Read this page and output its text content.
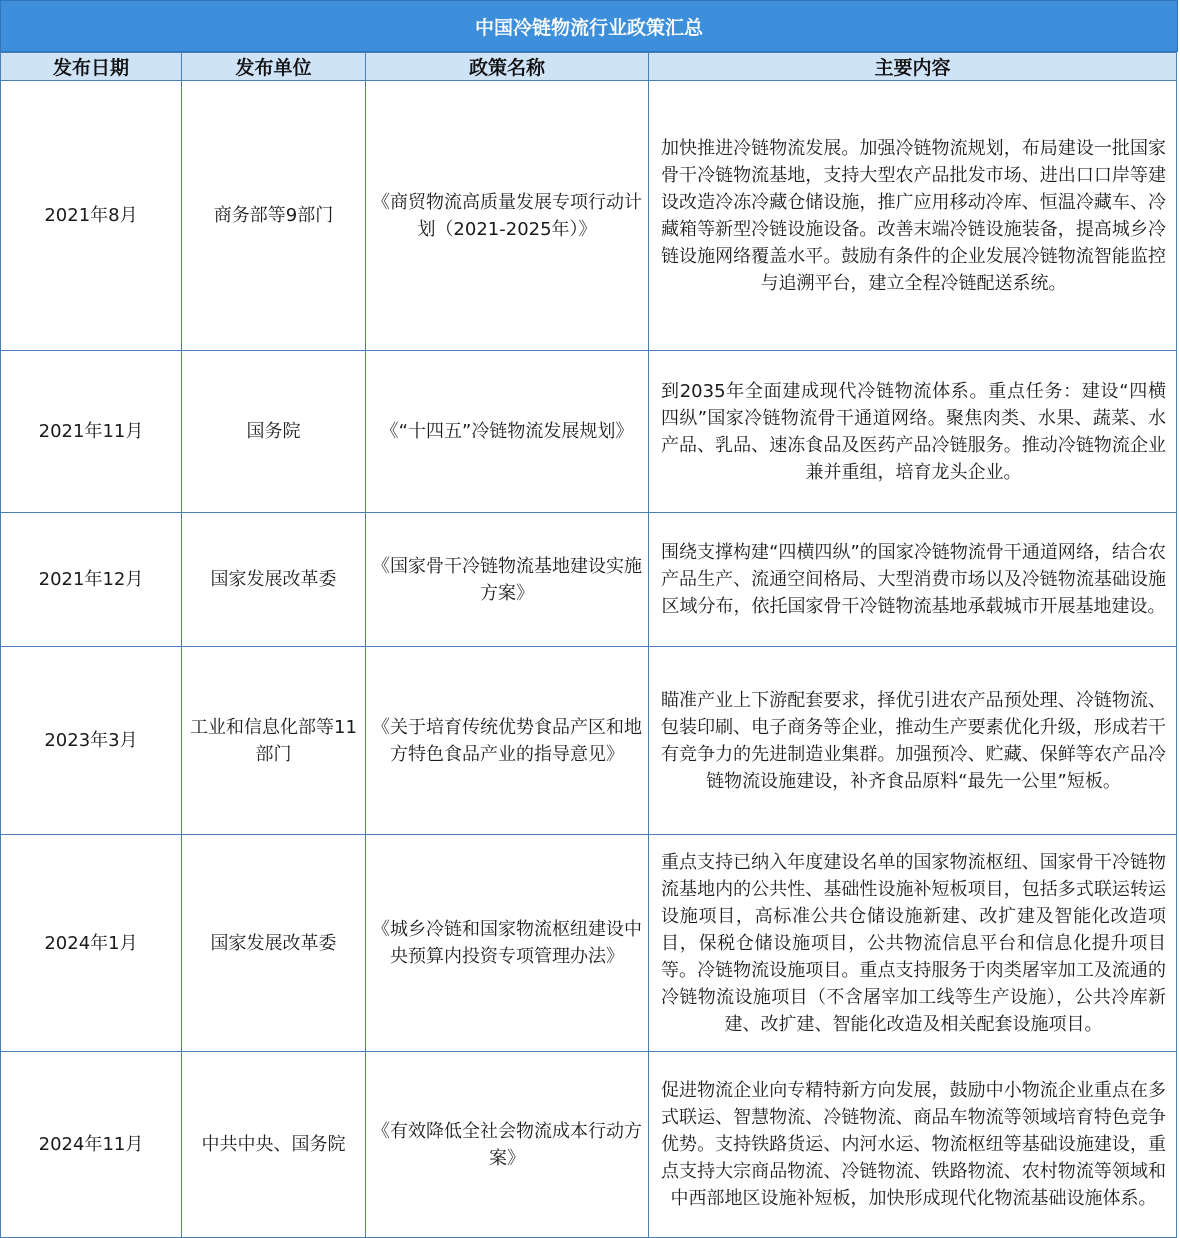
中国冷链物流行业政策汇总
发布日期	发布单位	政策名称	主要内容
2021年8月	商务部等9部门	《商贸物流高质量发展专项行动计划（2021-2025年）》	加快推进冷链物流发展。加强冷链物流规划，布局建设一批国家骨干冷链物流基地，支持大型农产品批发市场、进出口口岸等建设改造冷冻冷藏仓储设施，推广应用移动冷库、恒温冷藏车、冷藏箱等新型冷链设施设备。改善末端冷链设施装备，提高城乡冷链设施网络覆盖水平。鼓励有条件的企业发展冷链物流智能监控与追溯平台，建立全程冷链配送系统。
2021年11月	国务院	《“十四五”冷链物流发展规划》	到2035年全面建成现代冷链物流体系。重点任务：建设“四横四纵”国家冷链物流骨干通道网络。聚焦肉类、水果、蔬菜、水产品、乳品、速冻食品及医药产品冷链服务。推动冷链物流企业兼并重组，培育龙头企业。
2021年12月	国家发展改革委	《国家骨干冷链物流基地建设实施方案》	围绕支撑构建“四横四纵”的国家冷链物流骨干通道网络，结合农产品生产、流通空间格局、大型消费市场以及冷链物流基础设施区域分布，依托国家骨干冷链物流基地承载城市开展基地建设。
2023年3月	工业和信息化部等11部门	《关于培育传统优势食品产区和地方特色食品产业的指导意见》	瞄准产业上下游配套要求，择优引进农产品预处理、冷链物流、包装印刷、电子商务等企业，推动生产要素优化升级，形成若干有竞争力的先进制造业集群。加强预冷、贮藏、保鲜等农产品冷链物流设施建设，补齐食品原料“最先一公里”短板。
2024年1月	国家发展改革委	《城乡冷链和国家物流枢纽建设中央预算内投资专项管理办法》	重点支持已纳入年度建设名单的国家物流枢纽、国家骨干冷链物流基地内的公共性、基础性设施补短板项目，包括多式联运转运设施项目，高标准公共仓储设施新建、改扩建及智能化改造项目，保税仓储设施项目，公共物流信息平台和信息化提升项目等。冷链物流设施项目。重点支持服务于肉类屠宰加工及流通的冷链物流设施项目（不含屠宰加工线等生产设施），公共冷库新建、改扩建、智能化改造及相关配套设施项目。
2024年11月	中共中央、国务院	《有效降低全社会物流成本行动方案》	促进物流企业向专精特新方向发展，鼓励中小物流企业重点在多式联运、智慧物流、冷链物流、商品车物流等领域培育特色竞争优势。支持铁路货运、内河水运、物流枢纽等基础设施建设，重点支持大宗商品物流、冷链物流、铁路物流、农村物流等领域和中西部地区设施补短板，加快形成现代化物流基础设施体系。
